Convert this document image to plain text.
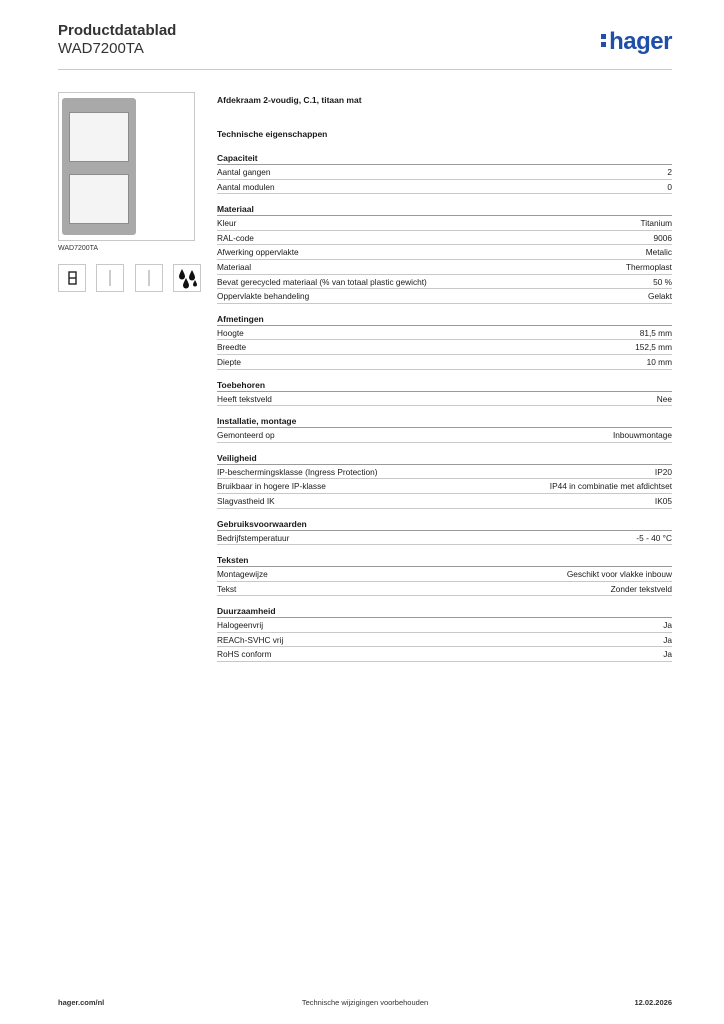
Productdatablad
WAD7200TA	hager
WAD7200TA
Afdekraam 2-voudig, C.1, titaan mat
Technische eigenschappen
Capaciteit
Aantal gangen	2
Aantal modulen	0
Materiaal
Kleur	Titanium
RAL-code	9006
Afwerking oppervlakte	Metalic
Materiaal	Thermoplast
Bevat gerecycled materiaal (% van totaal plastic gewicht)	50 %
Oppervlakte behandeling	Gelakt
Afmetingen
Hoogte	81,5 mm
Breedte	152,5 mm
Diepte	10 mm
Toebehoren
Heeft tekstveld	Nee
Installatie, montage
Gemonteerd op	Inbouwmontage
Veiligheid
IP-beschermingsklasse (Ingress Protection)	IP20
Bruikbaar in hogere IP-klasse	IP44 in combinatie met afdichtset
Slagvastheid IK	IK05
Gebruiksvoorwaarden
Bedrijfstemperatuur	-5 - 40 °C
Teksten
Montagewijze	Geschikt voor vlakke inbouw
Tekst	Zonder tekstveld
Duurzaamheid
Halogeenvrij	Ja
REACh-SVHC vrij	Ja
RoHS conform	Ja
hager.com/nl	Technische wijzigingen voorbehouden	12.02.2026
